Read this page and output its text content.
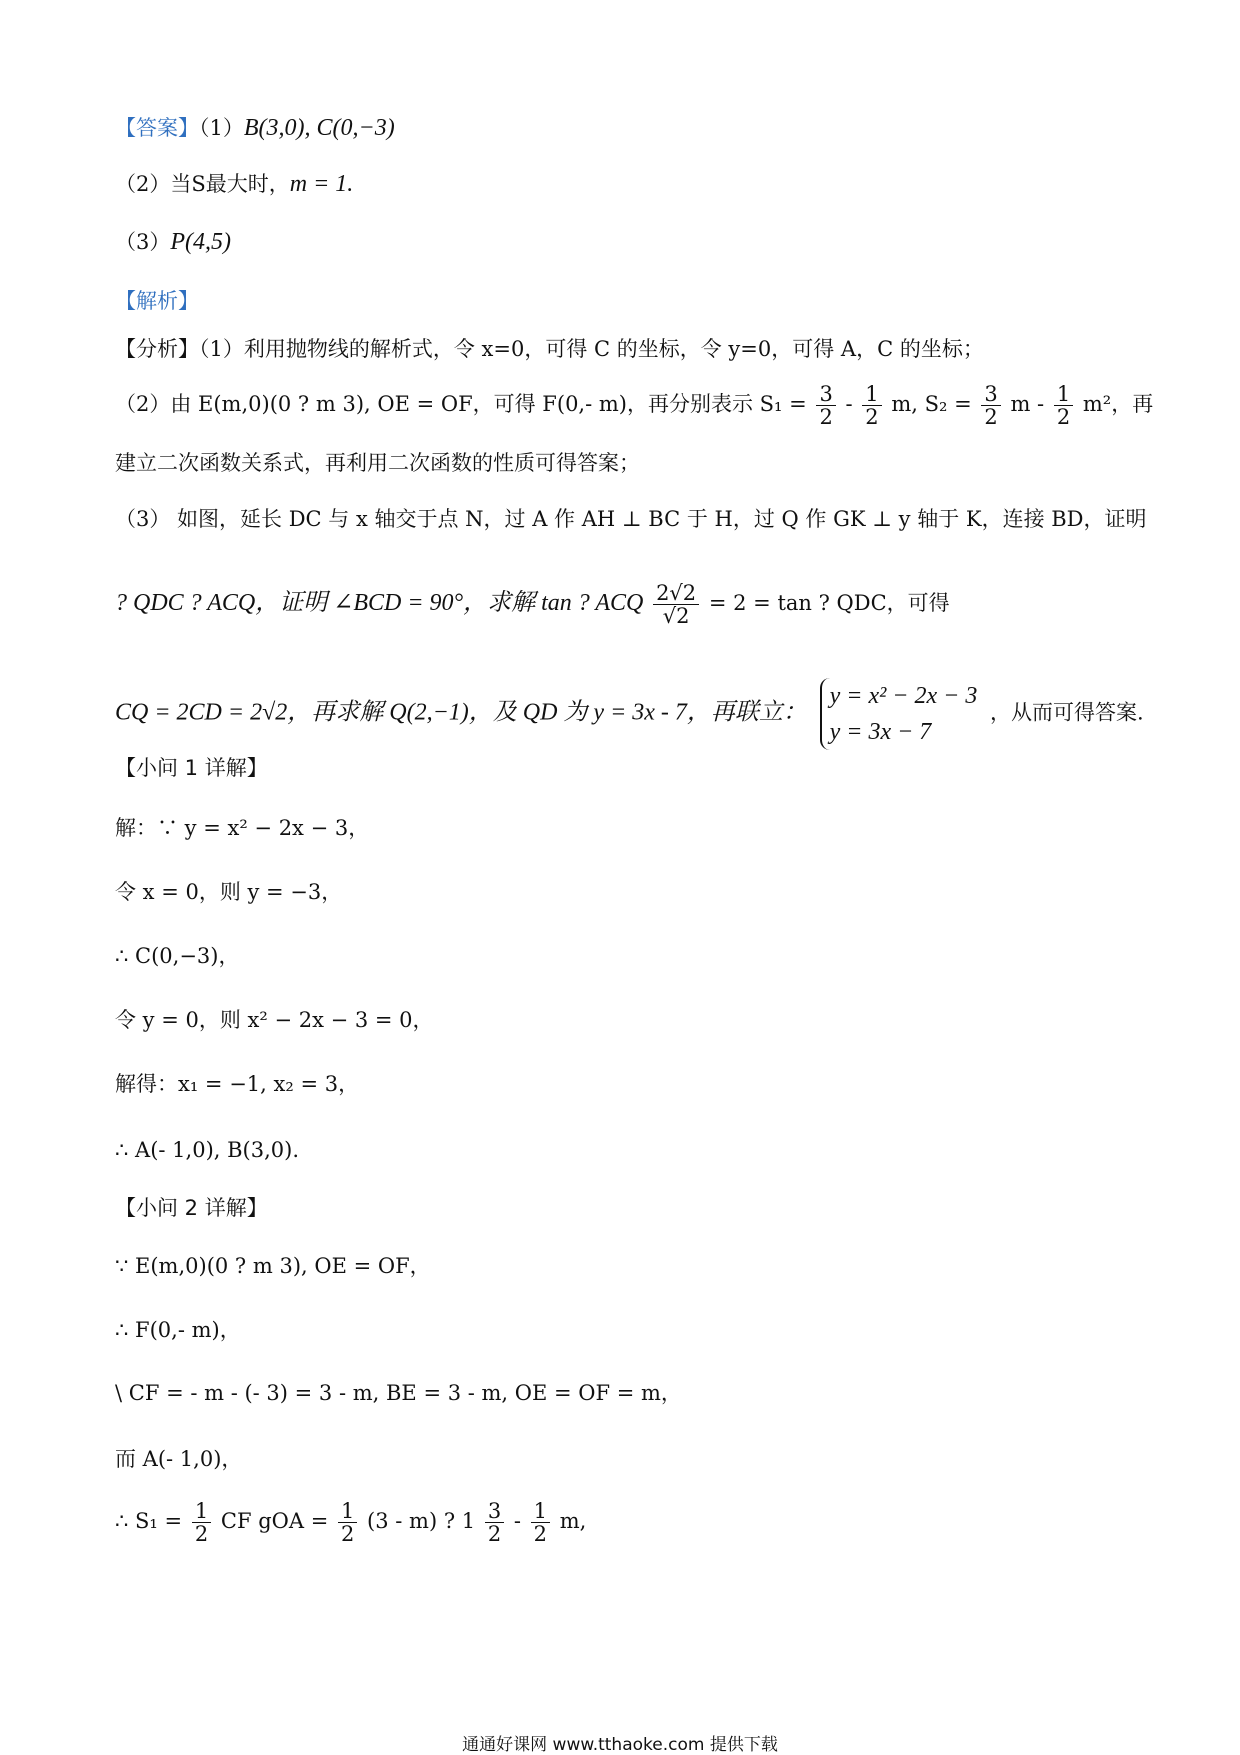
【答案】（1）B(3,0), C(0,−3)
（2）当S最大时，m = 1.
（3）P(4,5)
【解析】
【分析】（1）利用抛物线的解析式，令 x=0，可得 C 的坐标，令 y=0，可得 A，C 的坐标；
（2）由 E(m,0)(0 ? m 3), OE = OF，可得 F(0,- m)，再分别表示 $S_1 = \frac{3}{2} - \frac{1}{2} m$, $S_2 = \frac{3}{2}$ m - $\frac{1}{2} m^2$，再
建立二次函数关系式，再利用二次函数的性质可得答案；
（3） 如图，延长 DC 与 x 轴交于点 N，过 A 作 AH ⊥ BC 于 H，过 Q 作 GK ⊥ y 轴于 K，连接 BD，证明
? QDC ? ACQ，证明 ∠BCD = 90°，求解 tan ? ACQ $\frac{2√2}{√2} = 2 = \tan$ ? QDC，可得
CQ = 2CD = 2√2，再求解 Q(2,−1)，及 QD 为 y = 3x - 7，再联立：
y = x² − 2x − 3
y = 3x − 7
，从而可得答案.
【小问 1 详解】
解：∵ y = x² − 2x − 3，
令 x = 0，则 y = −3，
∴ C(0,−3)，
令 y = 0，则 x² − 2x − 3 = 0，
解得：x₁ = −1, x₂ = 3，
∴ A(- 1,0), B(3,0).
【小问 2 详解】
∵ E(m,0)(0 ? m 3), OE = OF，
∴ F(0,- m)，
\ CF = - m - (- 3) = 3 - m, BE = 3 - m, OE = OF = m，
而 A(- 1,0)，
∴ $S_1 = \frac{1}{2}$ CF gOA = $\frac{1}{2} (3 - m)$ ? $1 \frac{3}{2} - \frac{1}{2} m$,
通通好课网 www.tthaoke.com 提供下载
